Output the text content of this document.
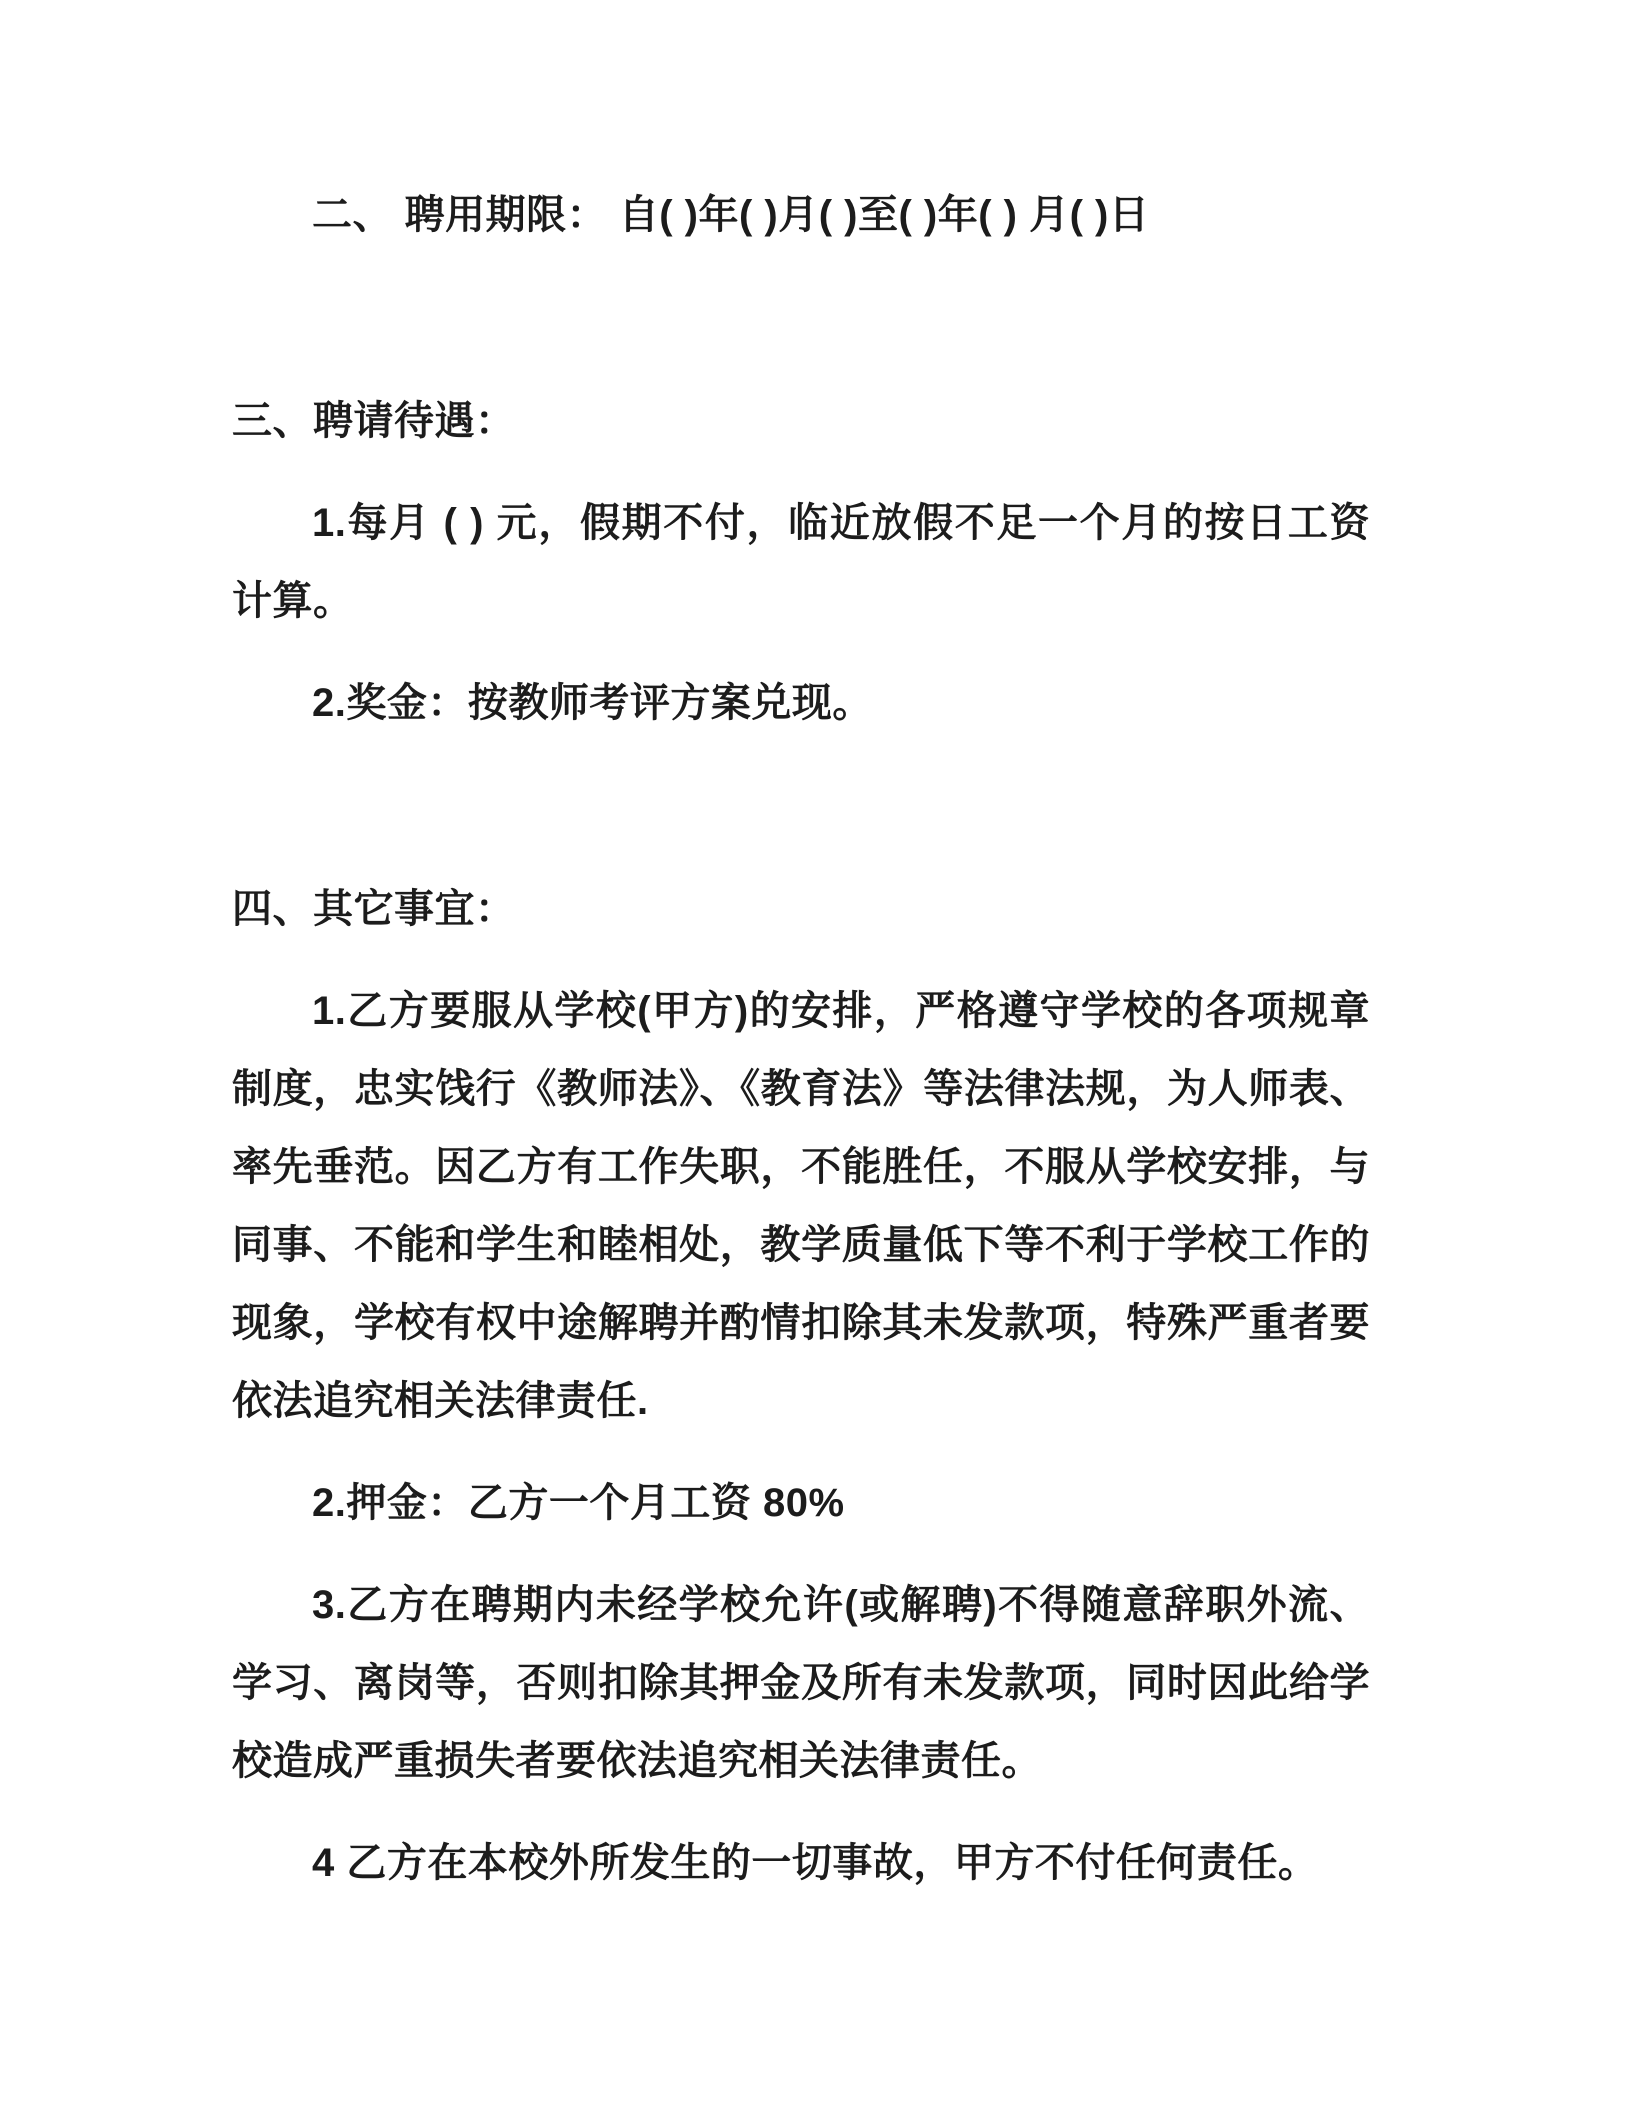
二、 聘用期限： 自( )年( )月( )至( )年( ) 月( )日

三、聘请待遇：

1.每月 ( ) 元，假期不付，临近放假不足一个月的按日工资计算。

2.奖金：按教师考评方案兑现。

四、其它事宜：

1.乙方要服从学校(甲方)的安排，严格遵守学校的各项规章制度，忠实饯行《教师法》、《教育法》等法律法规，为人师表、率先垂范。因乙方有工作失职，不能胜任，不服从学校安排，与同事、不能和学生和睦相处，教学质量低下等不利于学校工作的现象，学校有权中途解聘并酌情扣除其未发款项，特殊严重者要依法追究相关法律责任.

2.押金：乙方一个月工资 80%

3.乙方在聘期内未经学校允许(或解聘)不得随意辞职外流、学习、离岗等，否则扣除其押金及所有未发款项，同时因此给学校造成严重损失者要依法追究相关法律责任。

4 乙方在本校外所发生的一切事故，甲方不付任何责任。
